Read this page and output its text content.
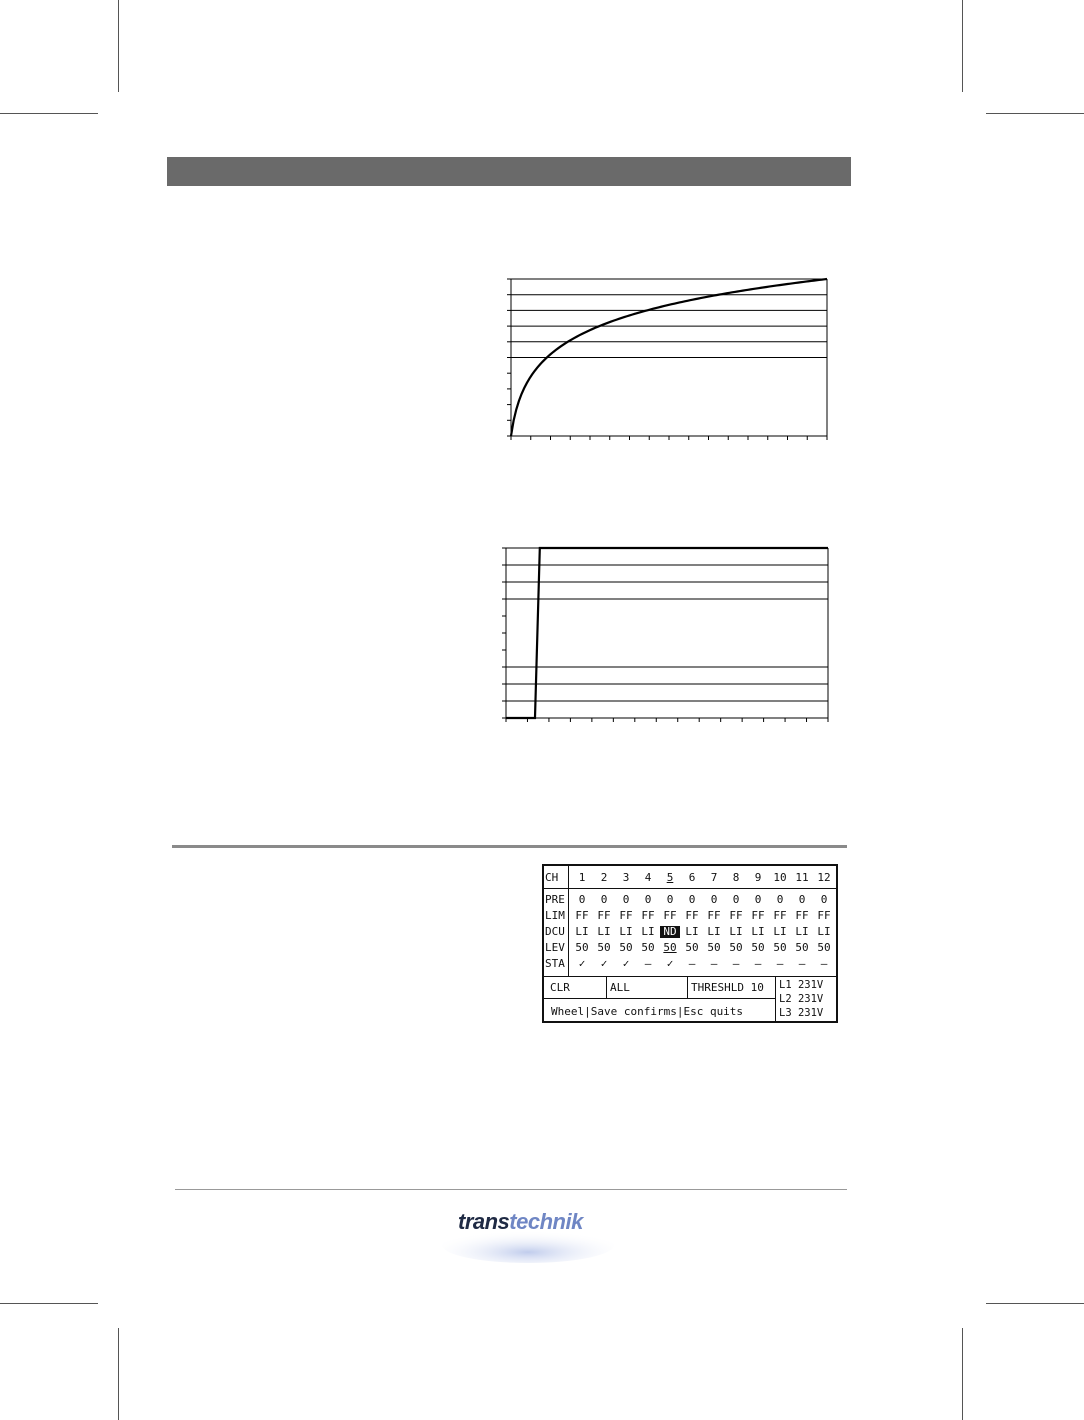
CH	1	2	3	4	5	6	7	8	9	10 11 12
PRE	0	0	0	0	0	0	0	0	0	0	0	0
LIM FF FF FF FF FF FF FF FF FF FF FF FF
DCU LI LI LI LI ND LI LI LI LI LI LI LI
LEV 50 50 50 50 50 50 50 50 50 50 50 50
STA	✓	✓	✓	–	✓	–	–	–	–	–	–	–
CLR	ALL	THRESHLD 10
Wheel|Save confirms|Esc quits
L1 231V
L2 231V
L3 231V
transtechnik
